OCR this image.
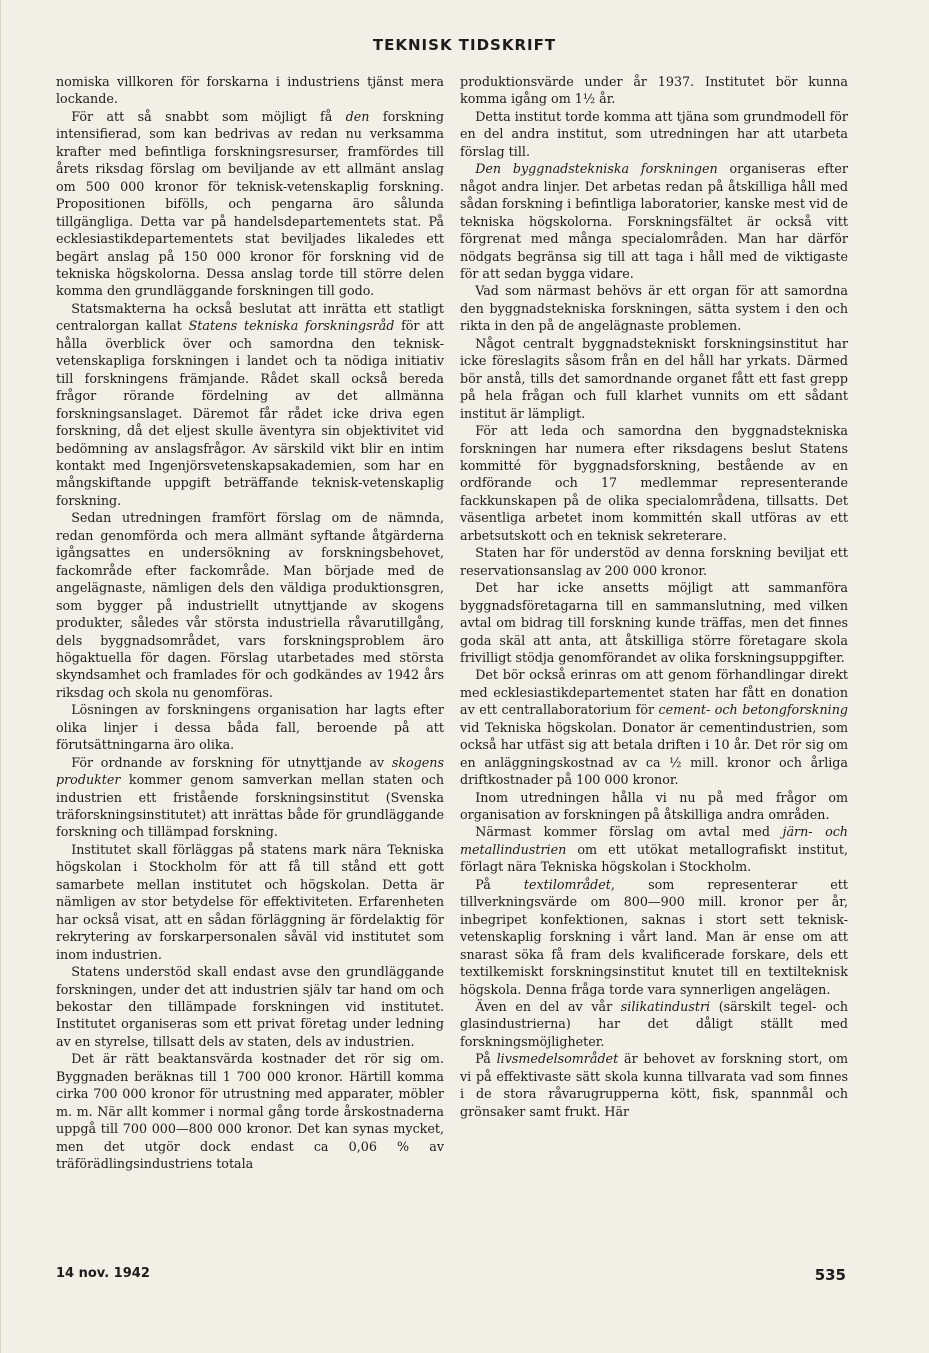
TEKNISK TIDSKRIFT

nomiska villkoren för forskarna i industriens tjänst mera lockande.

För att så snabbt som möjligt få den forskning intensifierad, som kan bedrivas av redan nu verksamma krafter med befintliga forskningsresurser, framfördes till årets riksdag förslag om beviljande av ett allmänt anslag om 500 000 kronor för teknisk-vetenskaplig forskning. Propositionen bifölls, och pengarna äro sålunda tillgängliga. Detta var på handelsdepartementets stat. På ecklesiastikdepartementets stat beviljades likaledes ett begärt anslag på 150 000 kronor för forskning vid de tekniska högskolorna. Dessa anslag torde till större delen komma den grundläggande forskningen till godo.

Statsmakterna ha också beslutat att inrätta ett statligt centralorgan kallat Statens tekniska forskningsråd för att hålla överblick över och samordna den teknisk-vetenskapliga forskningen i landet och ta nödiga initiativ till forskningens främjande. Rådet skall också bereda frågor rörande fördelning av det allmänna forskningsanslaget. Däremot får rådet icke driva egen forskning, då det eljest skulle äventyra sin objektivitet vid bedömning av anslagsfrågor. Av särskild vikt blir en intim kontakt med Ingenjörsvetenskapsakademien, som har en mångskiftande uppgift beträffande teknisk-vetenskaplig forskning.

Sedan utredningen framfört förslag om de nämnda, redan genomförda och mera allmänt syftande åtgärderna igångsattes en undersökning av forskningsbehovet, fackområde efter fackområde. Man började med de angelägnaste, nämligen dels den väldiga produktionsgren, som bygger på industriellt utnyttjande av skogens produkter, således vår största industriella råvarutillgång, dels byggnadsområdet, vars forskningsproblem äro högaktuella för dagen. Förslag utarbetades med största skyndsamhet och framlades för och godkändes av 1942 års riksdag och skola nu genomföras.

Lösningen av forskningens organisation har lagts efter olika linjer i dessa båda fall, beroende på att förutsättningarna äro olika.

För ordnande av forskning för utnyttjande av skogens produkter kommer genom samverkan mellan staten och industrien ett fristående forskningsinstitut (Svenska träforskningsinstitutet) att inrättas både för grundläggande forskning och tillämpad forskning.

Institutet skall förläggas på statens mark nära Tekniska högskolan i Stockholm för att få till stånd ett gott samarbete mellan institutet och högskolan. Detta är nämligen av stor betydelse för effektiviteten. Erfarenheten har också visat, att en sådan förläggning är fördelaktig för rekrytering av forskarpersonalen såväl vid institutet som inom industrien.

Statens understöd skall endast avse den grundläggande forskningen, under det att industrien själv tar hand om och bekostar den tillämpade forskningen vid institutet. Institutet organiseras som ett privat företag under ledning av en styrelse, tillsatt dels av staten, dels av industrien.

Det är rätt beaktansvärda kostnader det rör sig om. Byggnaden beräknas till 1 700 000 kronor. Härtill komma cirka 700 000 kronor för utrustning med apparater, möbler m. m. När allt kommer i normal gång torde årskostnaderna uppgå till 700 000—800 000 kronor. Det kan synas mycket, men det utgör dock endast ca 0,06 % av träförädlingsindustriens totala

produktionsvärde under år 1937. Institutet bör kunna komma igång om 1½ år.

Detta institut torde komma att tjäna som grundmodell för en del andra institut, som utredningen har att utarbeta förslag till.

Den byggnadstekniska forskningen organiseras efter något andra linjer. Det arbetas redan på åtskilliga håll med sådan forskning i befintliga laboratorier, kanske mest vid de tekniska högskolorna. Forskningsfältet är också vitt förgrenat med många specialområden. Man har därför nödgats begränsa sig till att taga i håll med de viktigaste för att sedan bygga vidare.

Vad som närmast behövs är ett organ för att samordna den byggnadstekniska forskningen, sätta system i den och rikta in den på de angelägnaste problemen.

Något centralt byggnadstekniskt forskningsinstitut har icke föreslagits såsom från en del håll har yrkats. Därmed bör anstå, tills det samordnande organet fått ett fast grepp på hela frågan och full klarhet vunnits om ett sådant institut är lämpligt.

För att leda och samordna den byggnadstekniska forskningen har numera efter riksdagens beslut Statens kommitté för byggnadsforskning, bestående av en ordförande och 17 medlemmar representerande fackkunskapen på de olika specialområdena, tillsatts. Det väsentliga arbetet inom kommittén skall utföras av ett arbetsutskott och en teknisk sekreterare.

Staten har för understöd av denna forskning beviljat ett reservationsanslag av 200 000 kronor.

Det har icke ansetts möjligt att sammanföra byggnadsföretagarna till en sammanslutning, med vilken avtal om bidrag till forskning kunde träffas, men det finnes goda skäl att anta, att åtskilliga större företagare skola frivilligt stödja genomförandet av olika forskningsuppgifter.

Det bör också erinras om att genom förhandlingar direkt med ecklesiastikdepartementet staten har fått en donation av ett centrallaboratorium för cement- och betongforskning vid Tekniska högskolan. Donator är cementindustrien, som också har utfäst sig att betala driften i 10 år. Det rör sig om en anläggningskostnad av ca ½ mill. kronor och årliga driftkostnader på 100 000 kronor.

Inom utredningen hålla vi nu på med frågor om organisation av forskningen på åtskilliga andra områden.

Närmast kommer förslag om avtal med järn- och metallindustrien om ett utökat metallografiskt institut, förlagt nära Tekniska högskolan i Stockholm.

På textilområdet, som representerar ett tillverkningsvärde om 800—900 mill. kronor per år, inbegripet konfektionen, saknas i stort sett teknisk-vetenskaplig forskning i vårt land. Man är ense om att snarast söka få fram dels kvalificerade forskare, dels ett textilkemiskt forskningsinstitut knutet till en textilteknisk högskola. Denna fråga torde vara synnerligen angelägen.

Även en del av vår silikatindustri (särskilt tegel- och glasindustrierna) har det dåligt ställt med forskningsmöjligheter.

På livsmedelsområdet är behovet av forskning stort, om vi på effektivaste sätt skola kunna tillvarata vad som finnes i de stora råvarugrupperna kött, fisk, spannmål och grönsaker samt frukt. Här

14 nov. 1942	535
